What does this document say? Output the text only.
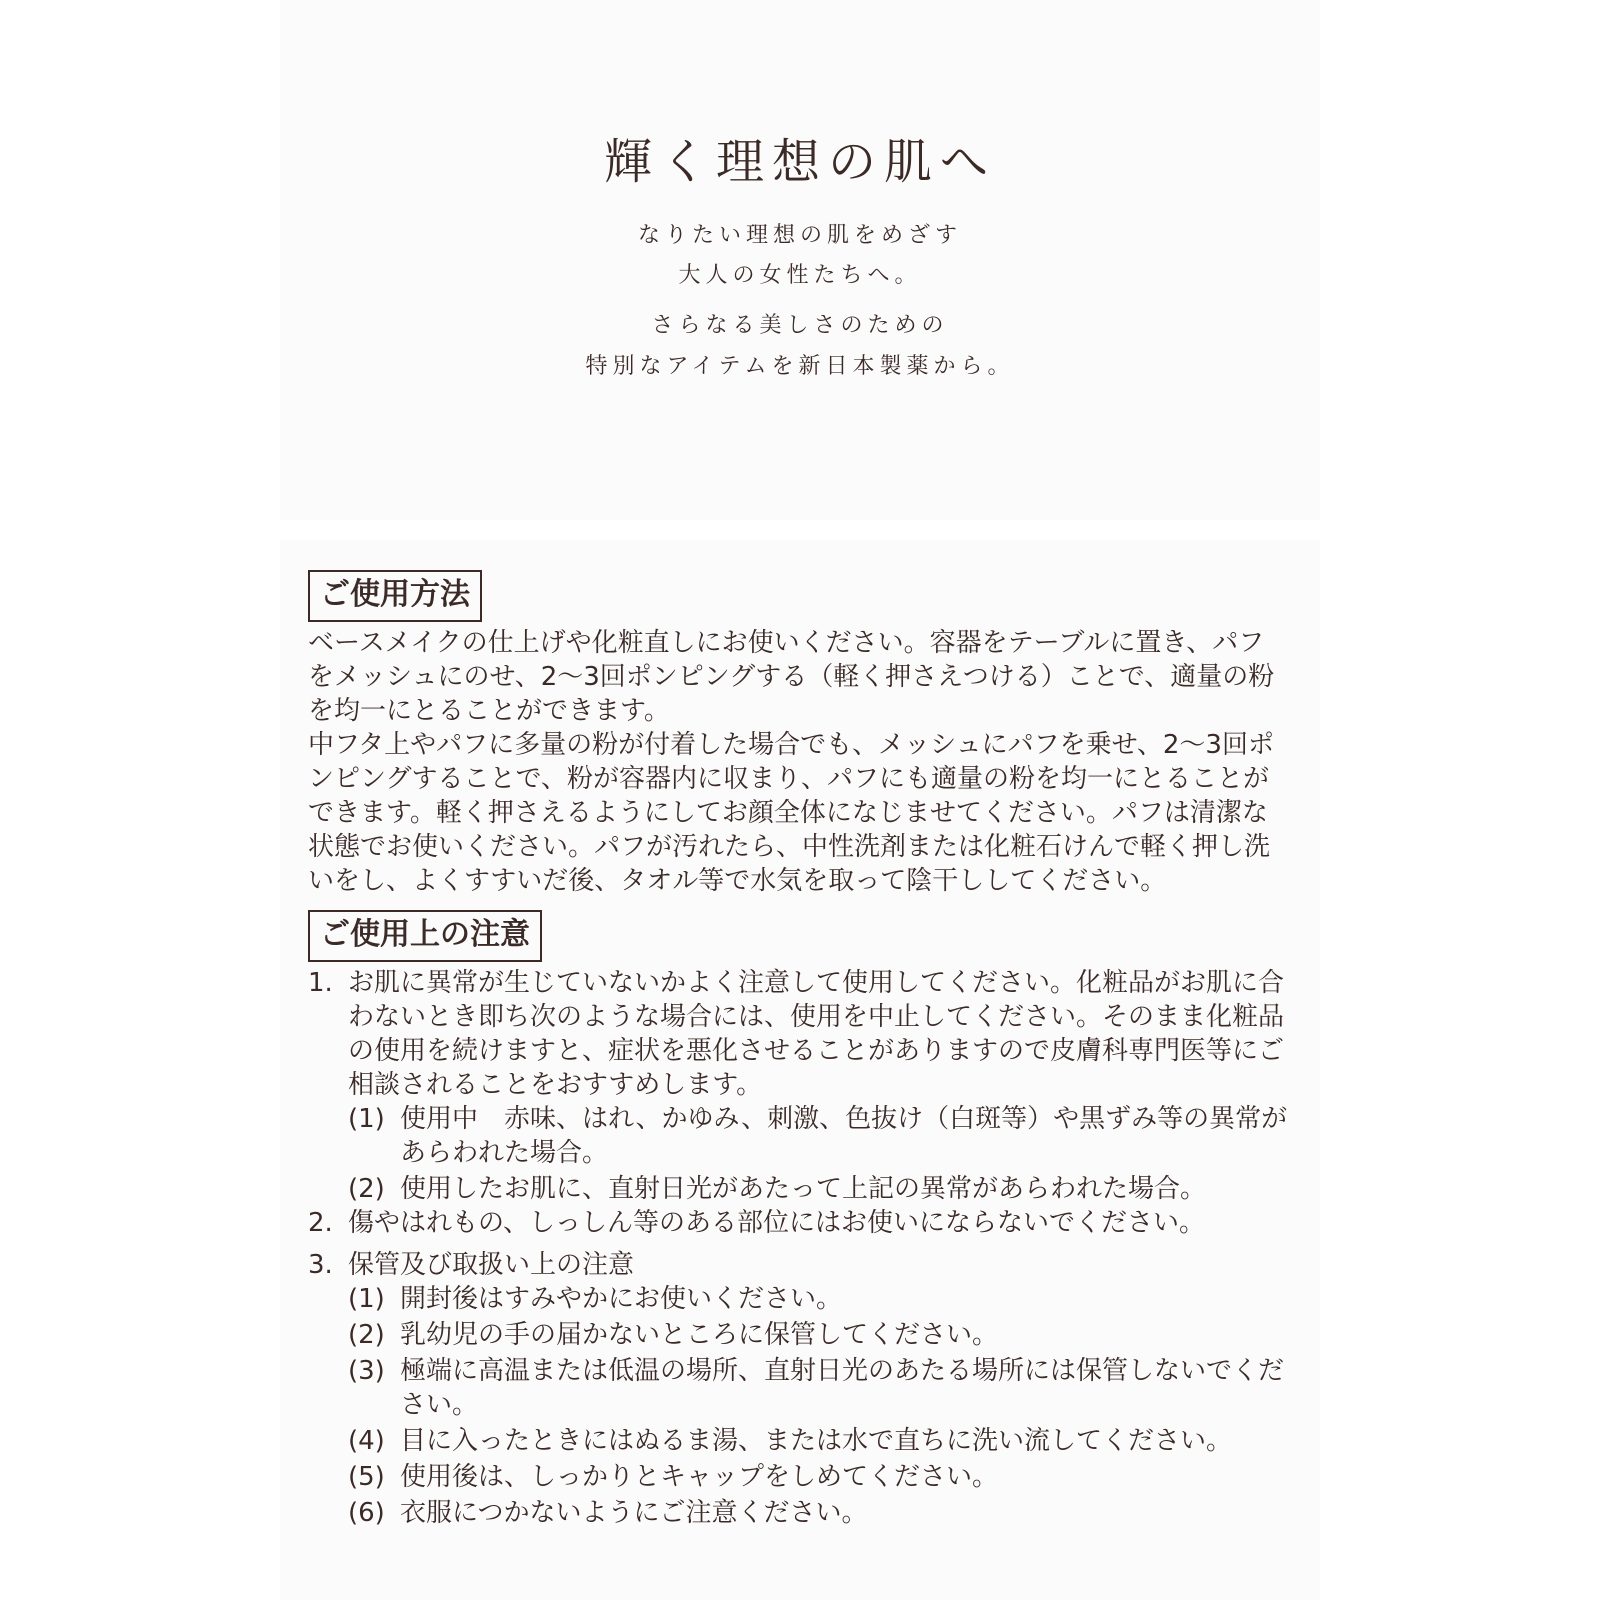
輝く理想の肌へ
なりたい理想の肌をめざす
大人の女性たちへ。
さらなる美しさのための
特別なアイテムを新日本製薬から。
ご使用方法

ベースメイクの仕上げや化粧直しにお使いください。容器をテーブルに置き、パフをメッシュにのせ、2〜3回ポンピングする（軽く押さえつける）ことで、適量の粉を均一にとることができます。

中フタ上やパフに多量の粉が付着した場合でも、メッシュにパフを乗せ、2〜3回ポンピングすることで、粉が容器内に収まり、パフにも適量の粉を均一にとることができます。軽く押さえるようにしてお顔全体になじませてください。パフは清潔な状態でお使いください。パフが汚れたら、中性洗剤または化粧石けんで軽く押し洗いをし、よくすすいだ後、タオル等で水気を取って陰干ししてください。

ご使用上の注意
1. お肌に異常が生じていないかよく注意して使用してください。化粧品がお肌に合わないとき即ち次のような場合には、使用を中止してください。そのまま化粧品の使用を続けますと、症状を悪化させることがありますので皮膚科専門医等にご相談されることをおすすめします。
(1) 使用中　赤味、はれ、かゆみ、刺激、色抜け（白斑等）や黒ずみ等の異常があらわれた場合。
(2) 使用したお肌に、直射日光があたって上記の異常があらわれた場合。
2. 傷やはれもの、しっしん等のある部位にはお使いにならないでください。
3. 保管及び取扱い上の注意
(1) 開封後はすみやかにお使いください。
(2) 乳幼児の手の届かないところに保管してください。
(3) 極端に高温または低温の場所、直射日光のあたる場所には保管しないでください。
(4) 目に入ったときにはぬるま湯、または水で直ちに洗い流してください。
(5) 使用後は、しっかりとキャップをしめてください。
(6) 衣服につかないようにご注意ください。
